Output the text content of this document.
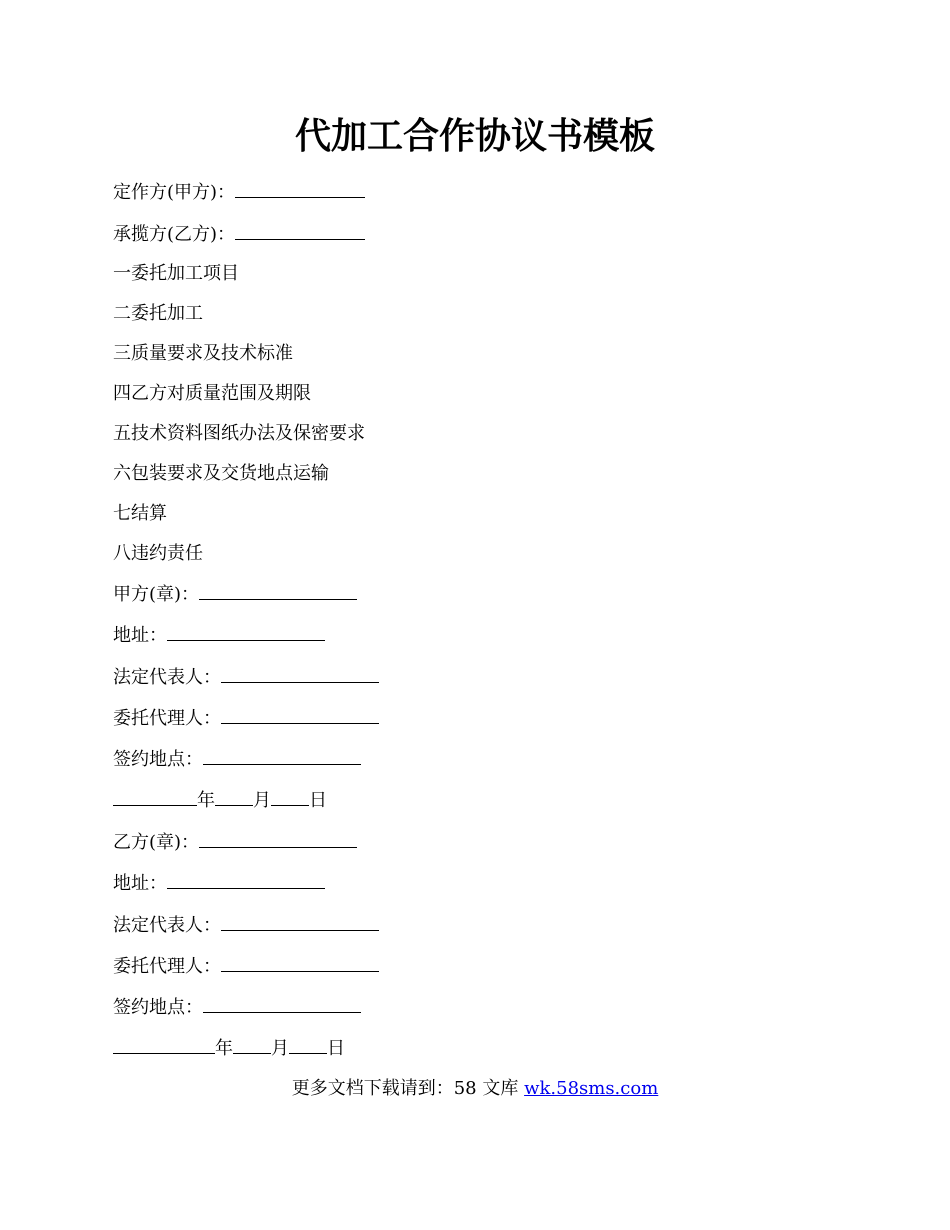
代加工合作协议书模板
定作方(甲方)：
承揽方(乙方)：
一委托加工项目
二委托加工
三质量要求及技术标准
四乙方对质量范围及期限
五技术资料图纸办法及保密要求
六包装要求及交货地点运输
七结算
八违约责任
甲方(章)：
地址：
法定代表人：
委托代理人：
签约地点：
年 月 日
乙方(章)：
地址：
法定代表人：
委托代理人：
签约地点：
年 月 日
更多文档下载请到：58 文库 wk.58sms.com
